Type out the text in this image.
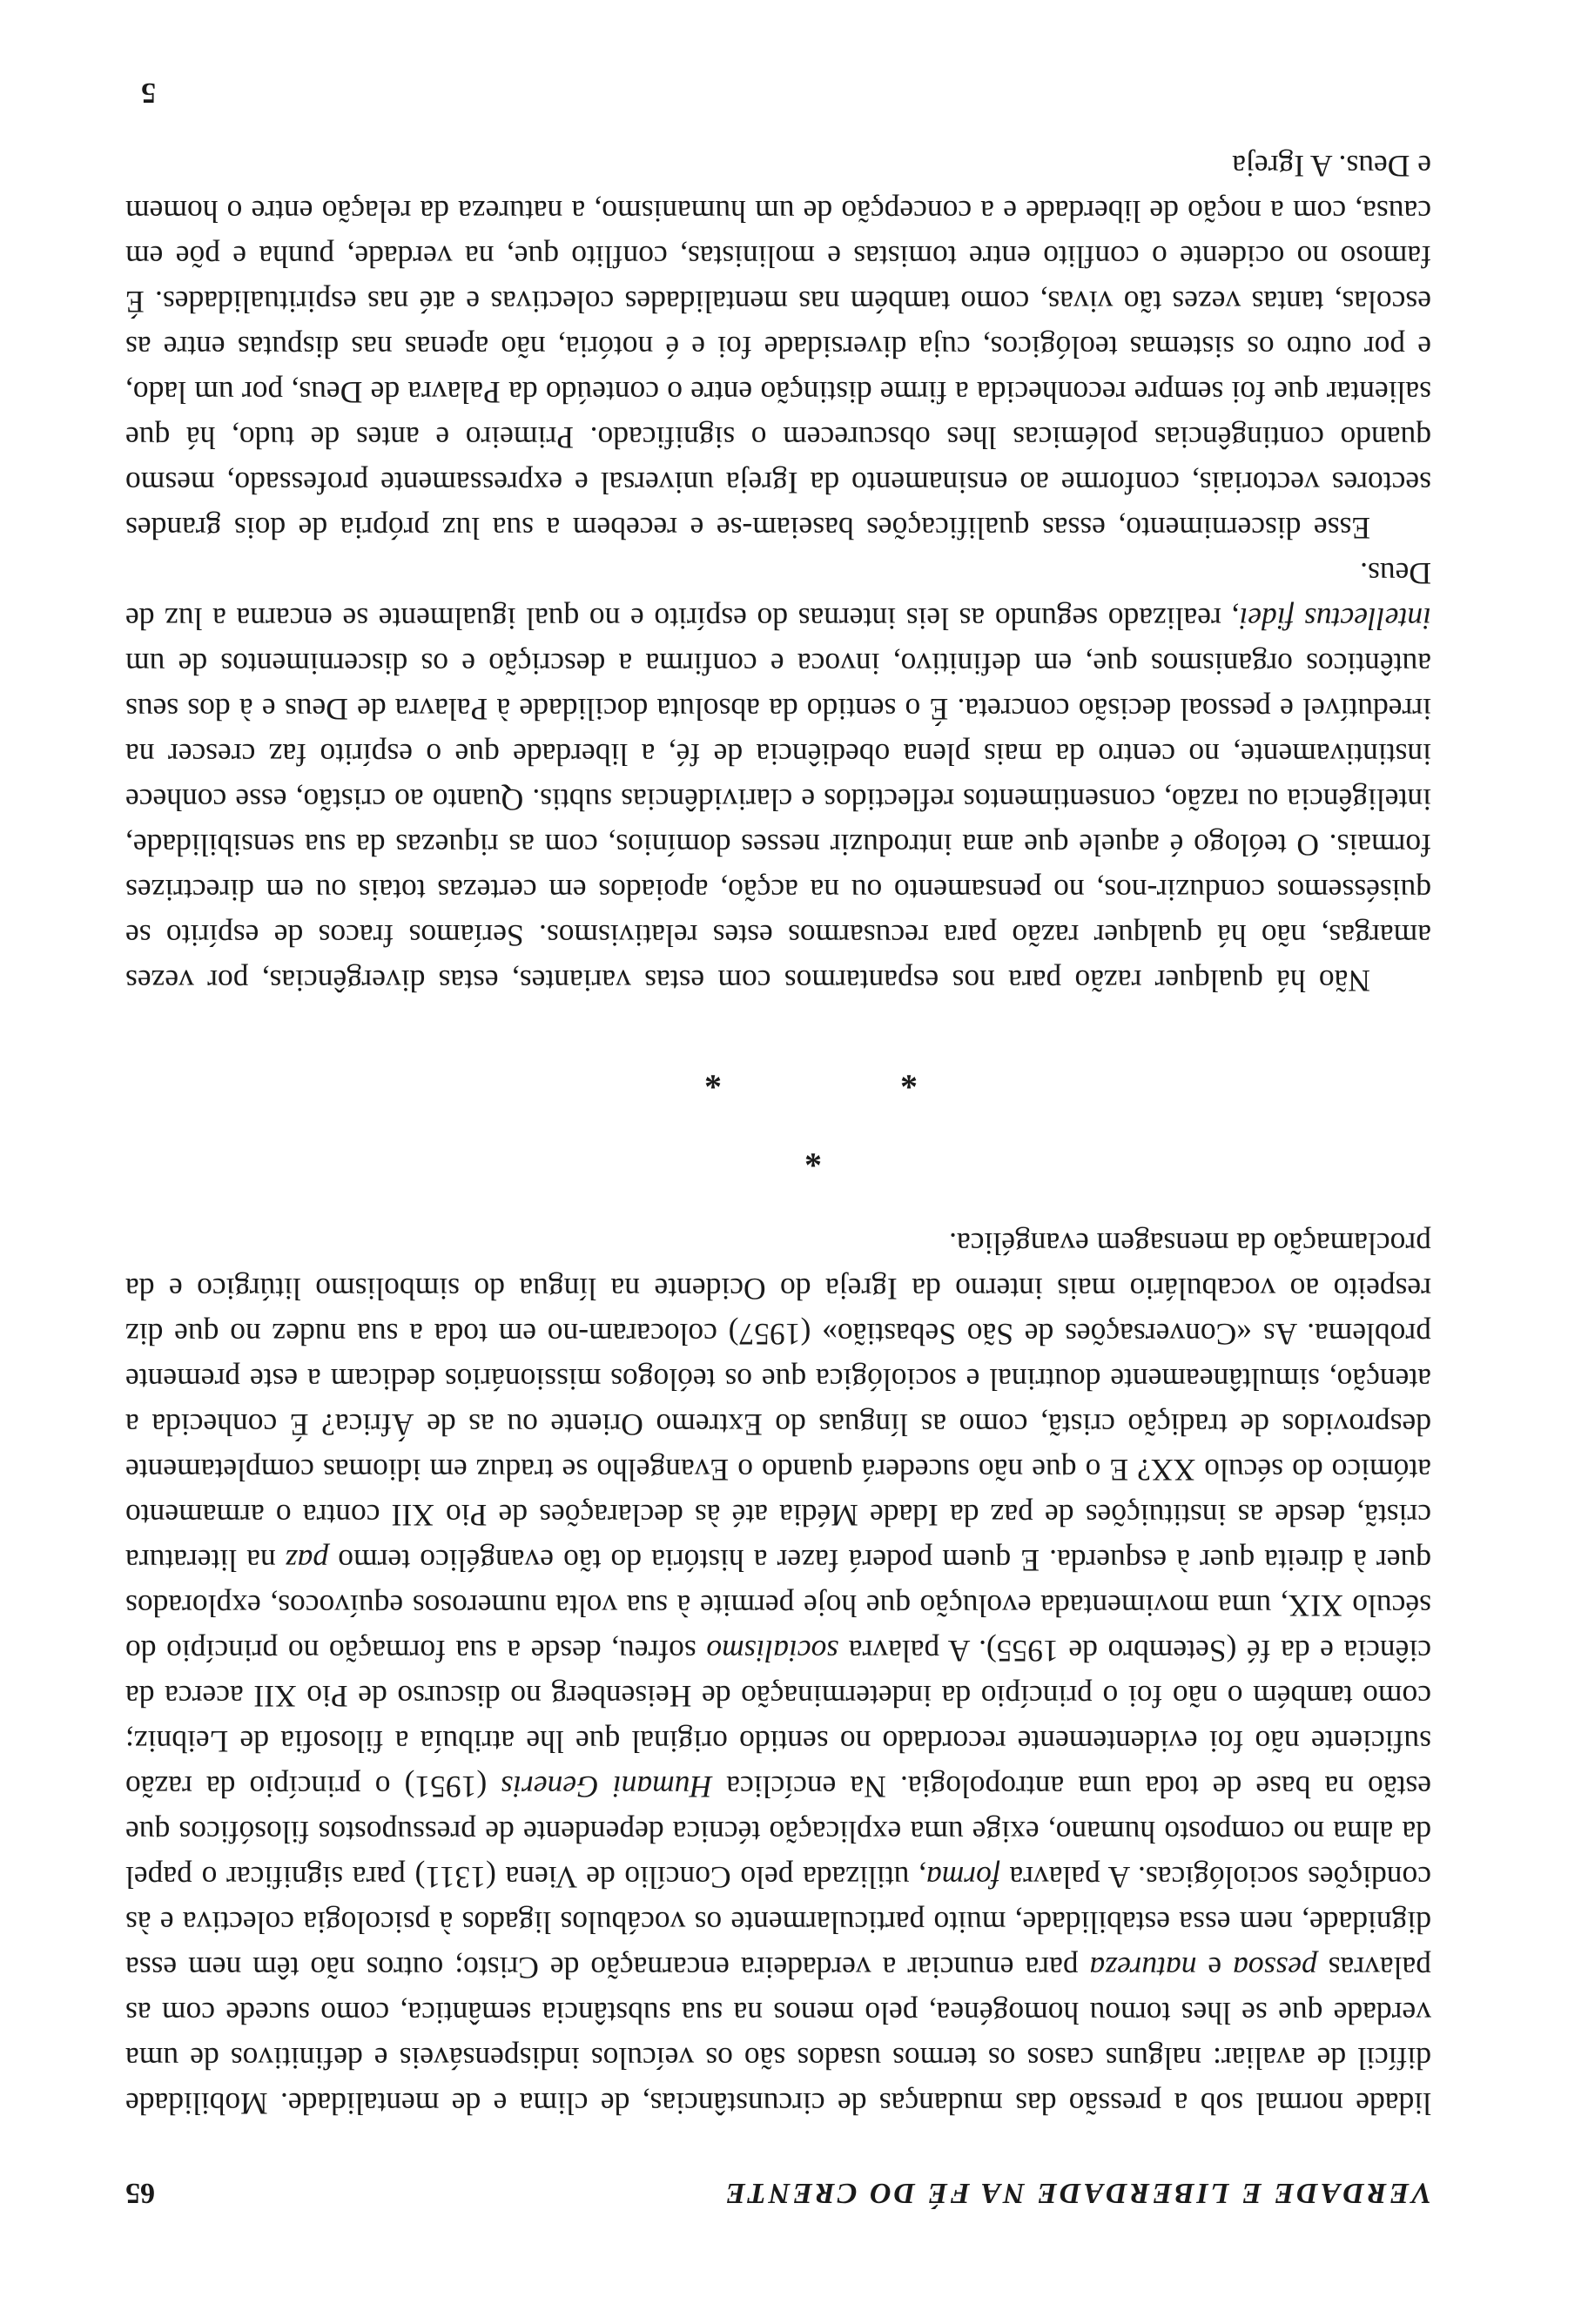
VERDADE E LIBERDADE NA FÉ DO CRENTE
65

lidade normal sob a pressão das mudanças de circunstâncias, de clima e de mentalidade. Mobilidade difícil de avaliar: nalguns casos os termos usados são os veículos indispensáveis e definitivos de uma verdade que se lhes tornou homogénea, pelo menos na sua substância semântica, como sucede com as palavras pessoa e natureza para enunciar a verdadeira encarnação de Cristo; outros não têm nem essa dignidade, nem essa estabilidade, muito particularmente os vocábulos ligados à psicologia colectiva e às condições sociológicas. A palavra forma, utilizada pelo Concílio de Viena (1311) para significar o papel da alma no composto humano, exige uma explicação técnica dependente de pressupostos filosóficos que estão na base de toda uma antropologia. Na encíclica Humani Generis (1951) o princípio da razão suficiente não foi evidentemente recordado no sentido original que lhe atribuía a filosofia de Leibniz; como também o não foi o princípio da indeterminação de Heisenberg no discurso de Pio XII acerca da ciência e da fé (Setembro de 1955). A palavra socialismo sofreu, desde a sua formação no princípio do século XIX, uma movimentada evolução que hoje permite à sua volta numerosos equívocos, explorados quer à direita quer à esquerda. E quem poderá fazer a história do tão evangélico termo paz na literatura cristã, desde as instituições de paz da Idade Média até às declarações de Pio XII contra o armamento atómico do século XX? E o que não sucederá quando o Evangelho se traduz em idiomas completamente desprovidos de tradição cristã, como as línguas do Extremo Oriente ou as de África? É conhecida a atenção, simultâneamente doutrinal e sociológica que os teólogos missionários dedicam a este premente problema. As «Conversações de São Sebastião» (1957) colocaram-no em toda a sua nudez no que diz respeito ao vocabulário mais interno da Igreja do Ocidente na língua do simbolismo litúrgico e da proclamação da mensagem evangélica.

*
*
*

Não há qualquer razão para nos espantarmos com estas variantes, estas divergências, por vezes amargas, não há qualquer razão para recusarmos estes relativismos. Seríamos fracos de espírito se quiséssemos conduzir-nos, no pensamento ou na acção, apoiados em certezas totais ou em directrizes formais. O teólogo é aquele que ama introduzir nesses domínios, com as riquezas da sua sensibilidade, inteligência ou razão, consentimentos reflectidos e clarividências subtis. Quanto ao cristão, esse conhece instintivamente, no centro da mais plena obediência de fé, a liberdade que o espírito faz crescer na irredutível e pessoal decisão concreta. É o sentido da absoluta docilidade à Palavra de Deus e à dos seus autênticos organismos que, em definitivo, invoca e confirma a descrição e os discernimentos de um intellectus fidei, realizado segundo as leis internas do espírito e no qual igualmente se encarna a luz de Deus.

Esse discernimento, essas qualificações baseiam-se e recebem a sua luz própria de dois grandes sectores vectoriais, conforme ao ensinamento da Igreja universal e expressamente professado, mesmo quando contingências polémicas lhes obscurecem o significado. Primeiro e antes de tudo, há que salientar que foi sempre reconhecida a firme distinção entre o conteúdo da Palavra de Deus, por um lado, e por outro os sistemas teológicos, cuja diversidade foi e é notória, não apenas nas disputas entre as escolas, tantas vezes tão vivas, como também nas mentalidades colectivas e até nas espiritualidades. É famoso no ocidente o conflito entre tomistas e molinistas, conflito que, na verdade, punha e põe em causa, com a noção de liberdade e a concepção de um humanismo, a natureza da relação entre o homem e Deus. A Igreja

5
